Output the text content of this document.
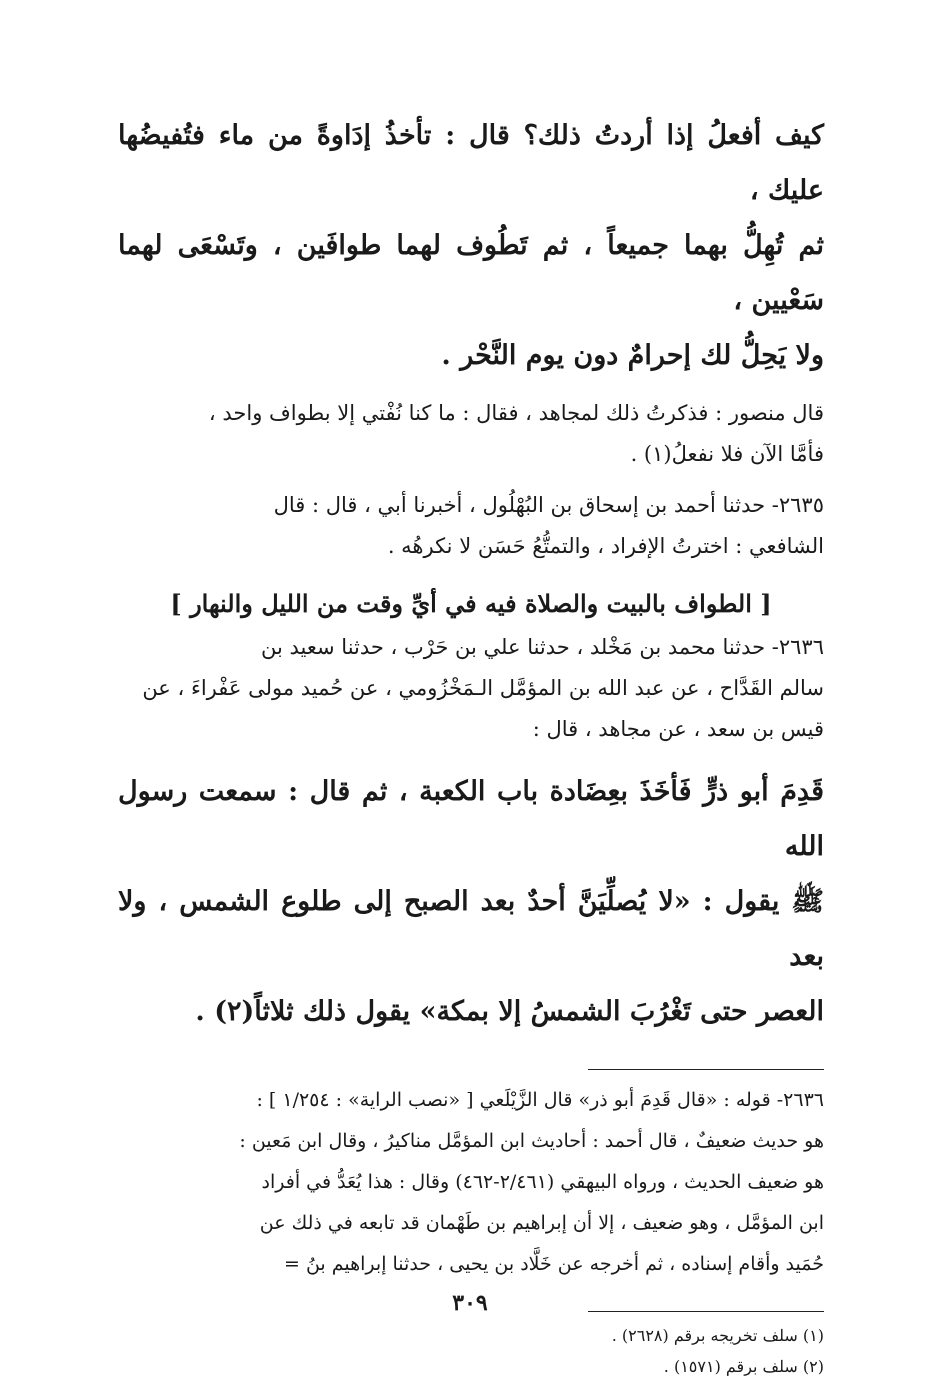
كيف أفعلُ إذا أردتُ ذلك؟ قال : تأخذُ إدَاوةً من ماء فتُفيضُها عليك ،
ثم تُهِلُّ بهما جميعاً ، ثم تَطُوف لهما طوافَين ، وتَسْعَى لهما سَعْيين ،
ولا يَحِلُّ لك إحرامٌ دون يوم النَّحْر .
قال منصور : فذكرتُ ذلك لمجاهد ، فقال : ما كنا نُفْتي إلا بطواف واحد ،
فأمَّا الآن فلا نفعلُ(١) .
٢٦٣٥- حدثنا أحمد بن إسحاق بن البُهْلُول ، أخبرنا أبي ، قال : قال
الشافعي : اخترتُ الإفراد ، والتمتُّعُ حَسَن لا نكرهُه .
[ الطواف بالبيت والصلاة فيه في أيِّ وقت من الليل والنهار ]
٢٦٣٦- حدثنا محمد بن مَخْلد ، حدثنا علي بن حَرْب ، حدثنا سعيد بن
سالم القَدَّاح ، عن عبد الله بن المؤمَّل الـمَخْزُومي ، عن حُميد مولى عَفْراءَ ، عن
قيس بن سعد ، عن مجاهد ، قال :
قَدِمَ أبو ذرٍّ فَأخَذَ بعِضَادة باب الكعبة ، ثم قال : سمعت رسول الله
ﷺ يقول : «لا يُصلِّيَنَّ أحدٌ بعد الصبح إلى طلوع الشمس ، ولا بعد
العصر حتى تَغْرُبَ الشمسُ إلا بمكة» يقول ذلك ثلاثاً(٢) .
٢٦٣٦- قوله : «قال قَدِمَ أبو ذر» قال الزَّيْلَعي [ «نصب الراية» : ١/٢٥٤ ] :
هو حديث ضعيفٌ ، قال أحمد : أحاديث ابن المؤمَّل مناكيرُ ، وقال ابن مَعين :
هو ضعيف الحديث ، ورواه البيهقي (٢/٤٦١-٤٦٢) وقال : هذا يُعَدُّ في أفراد
ابن المؤمَّل ، وهو ضعيف ، إلا أن إبراهيم بن طَهْمان قد تابعه في ذلك عن
حُمَيد وأقام إسناده ، ثم أخرجه عن خَلَّاد بن يحيى ، حدثنا إبراهيم بنُ =
(١) سلف تخريجه برقم (٢٦٢٨) .
(٢) سلف برقم (١٥٧١) .
٣٠٩
